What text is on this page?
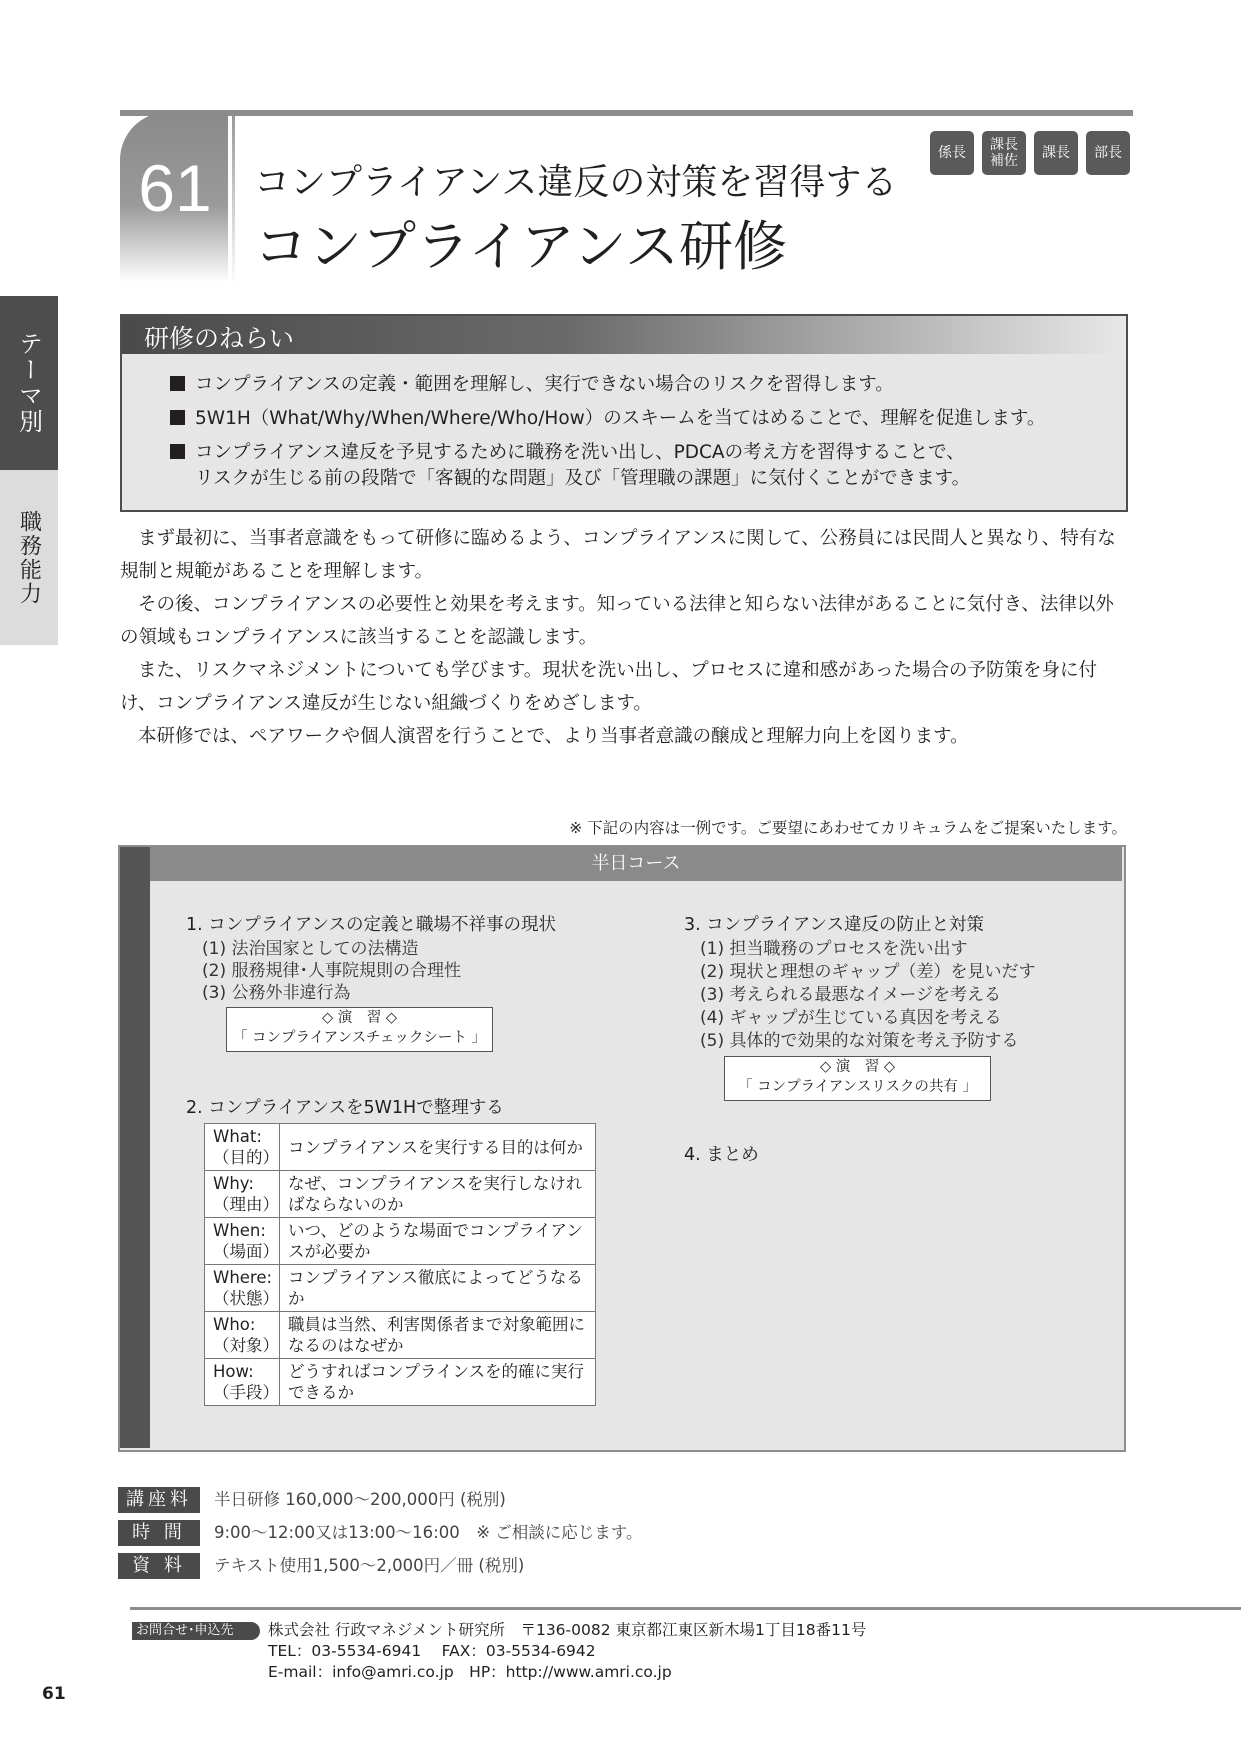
61 コンプライアンス違反の対策を習得する
コンプライアンス研修
係長	課長
補佐	課長	部長
テーマ別
職務能力
研修のねらい
コンプライアンスの定義・範囲を理解し、実行できない場合のリスクを習得します。
5W1H（What/Why/When/Where/Who/How）のスキームを当てはめることで、理解を促進します。
コンプライアンス違反を予見するために職務を洗い出し、PDCAの考え方を習得することで、
リスクが生じる前の段階で「客観的な問題」及び「管理職の課題」に気付くことができます。
まず最初に、当事者意識をもって研修に臨めるよう、コンプライアンスに関して、公務員には民間人と異なり、特有な規制と規範があることを理解します。
その後、コンプライアンスの必要性と効果を考えます。知っている法律と知らない法律があることに気付き、法律以外の領域もコンプライアンスに該当することを認識します。
また、リスクマネジメントについても学びます。現状を洗い出し、プロセスに違和感があった場合の予防策を身に付け、コンプライアンス違反が生じない組織づくりをめざします。
本研修では、ペアワークや個人演習を行うことで、より当事者意識の醸成と理解力向上を図ります。
※ 下記の内容は一例です。ご要望にあわせてカリキュラムをご提案いたします。
半日コース
1. コンプライアンスの定義と職場不祥事の現状
(1) 法治国家としての法構造
(2) 服務規律･人事院規則の合理性
(3) 公務外非違行為
◇ 演　習 ◇
「 コンプライアンスチェックシート 」
2. コンプライアンスを5W1Hで整理する
What:
（目的）	コンプライアンスを実行する目的は何か

Why:
（理由）	なぜ、コンプライアンスを実行しなければならないのか

When:
（場面）	いつ、どのような場面でコンプライアンスが必要か

Where:
（状態）	コンプライアンス徹底によってどうなるか

Who:
（対象）	職員は当然、利害関係者まで対象範囲になるのはなぜか

How:
（手段）	どうすればコンプラインスを的確に実行できるか
3. コンプライアンス違反の防止と対策
(1) 担当職務のプロセスを洗い出す
(2) 現状と理想のギャップ（差）を見いだす
(3) 考えられる最悪なイメージを考える
(4) ギャップが生じている真因を考える
(5) 具体的で効果的な対策を考え予防する
◇ 演　習 ◇
「 コンプライアンスリスクの共有 」
4. まとめ
講座料	半日研修 160,000～200,000円 (税別)
時 間	9:00～12:00又は13:00～16:00　※ ご相談に応じます。
資 料	テキスト使用1,500～2,000円／冊 (税別)
お問合せ･申込先	株式会社 行政マネジメント研究所　〒136-0082 東京都江東区新木場1丁目18番11号
TEL：03-5534-6941　 FAX：03-5534-6942
E-mail：info@amri.co.jp　HP：http://www.amri.co.jp
61
